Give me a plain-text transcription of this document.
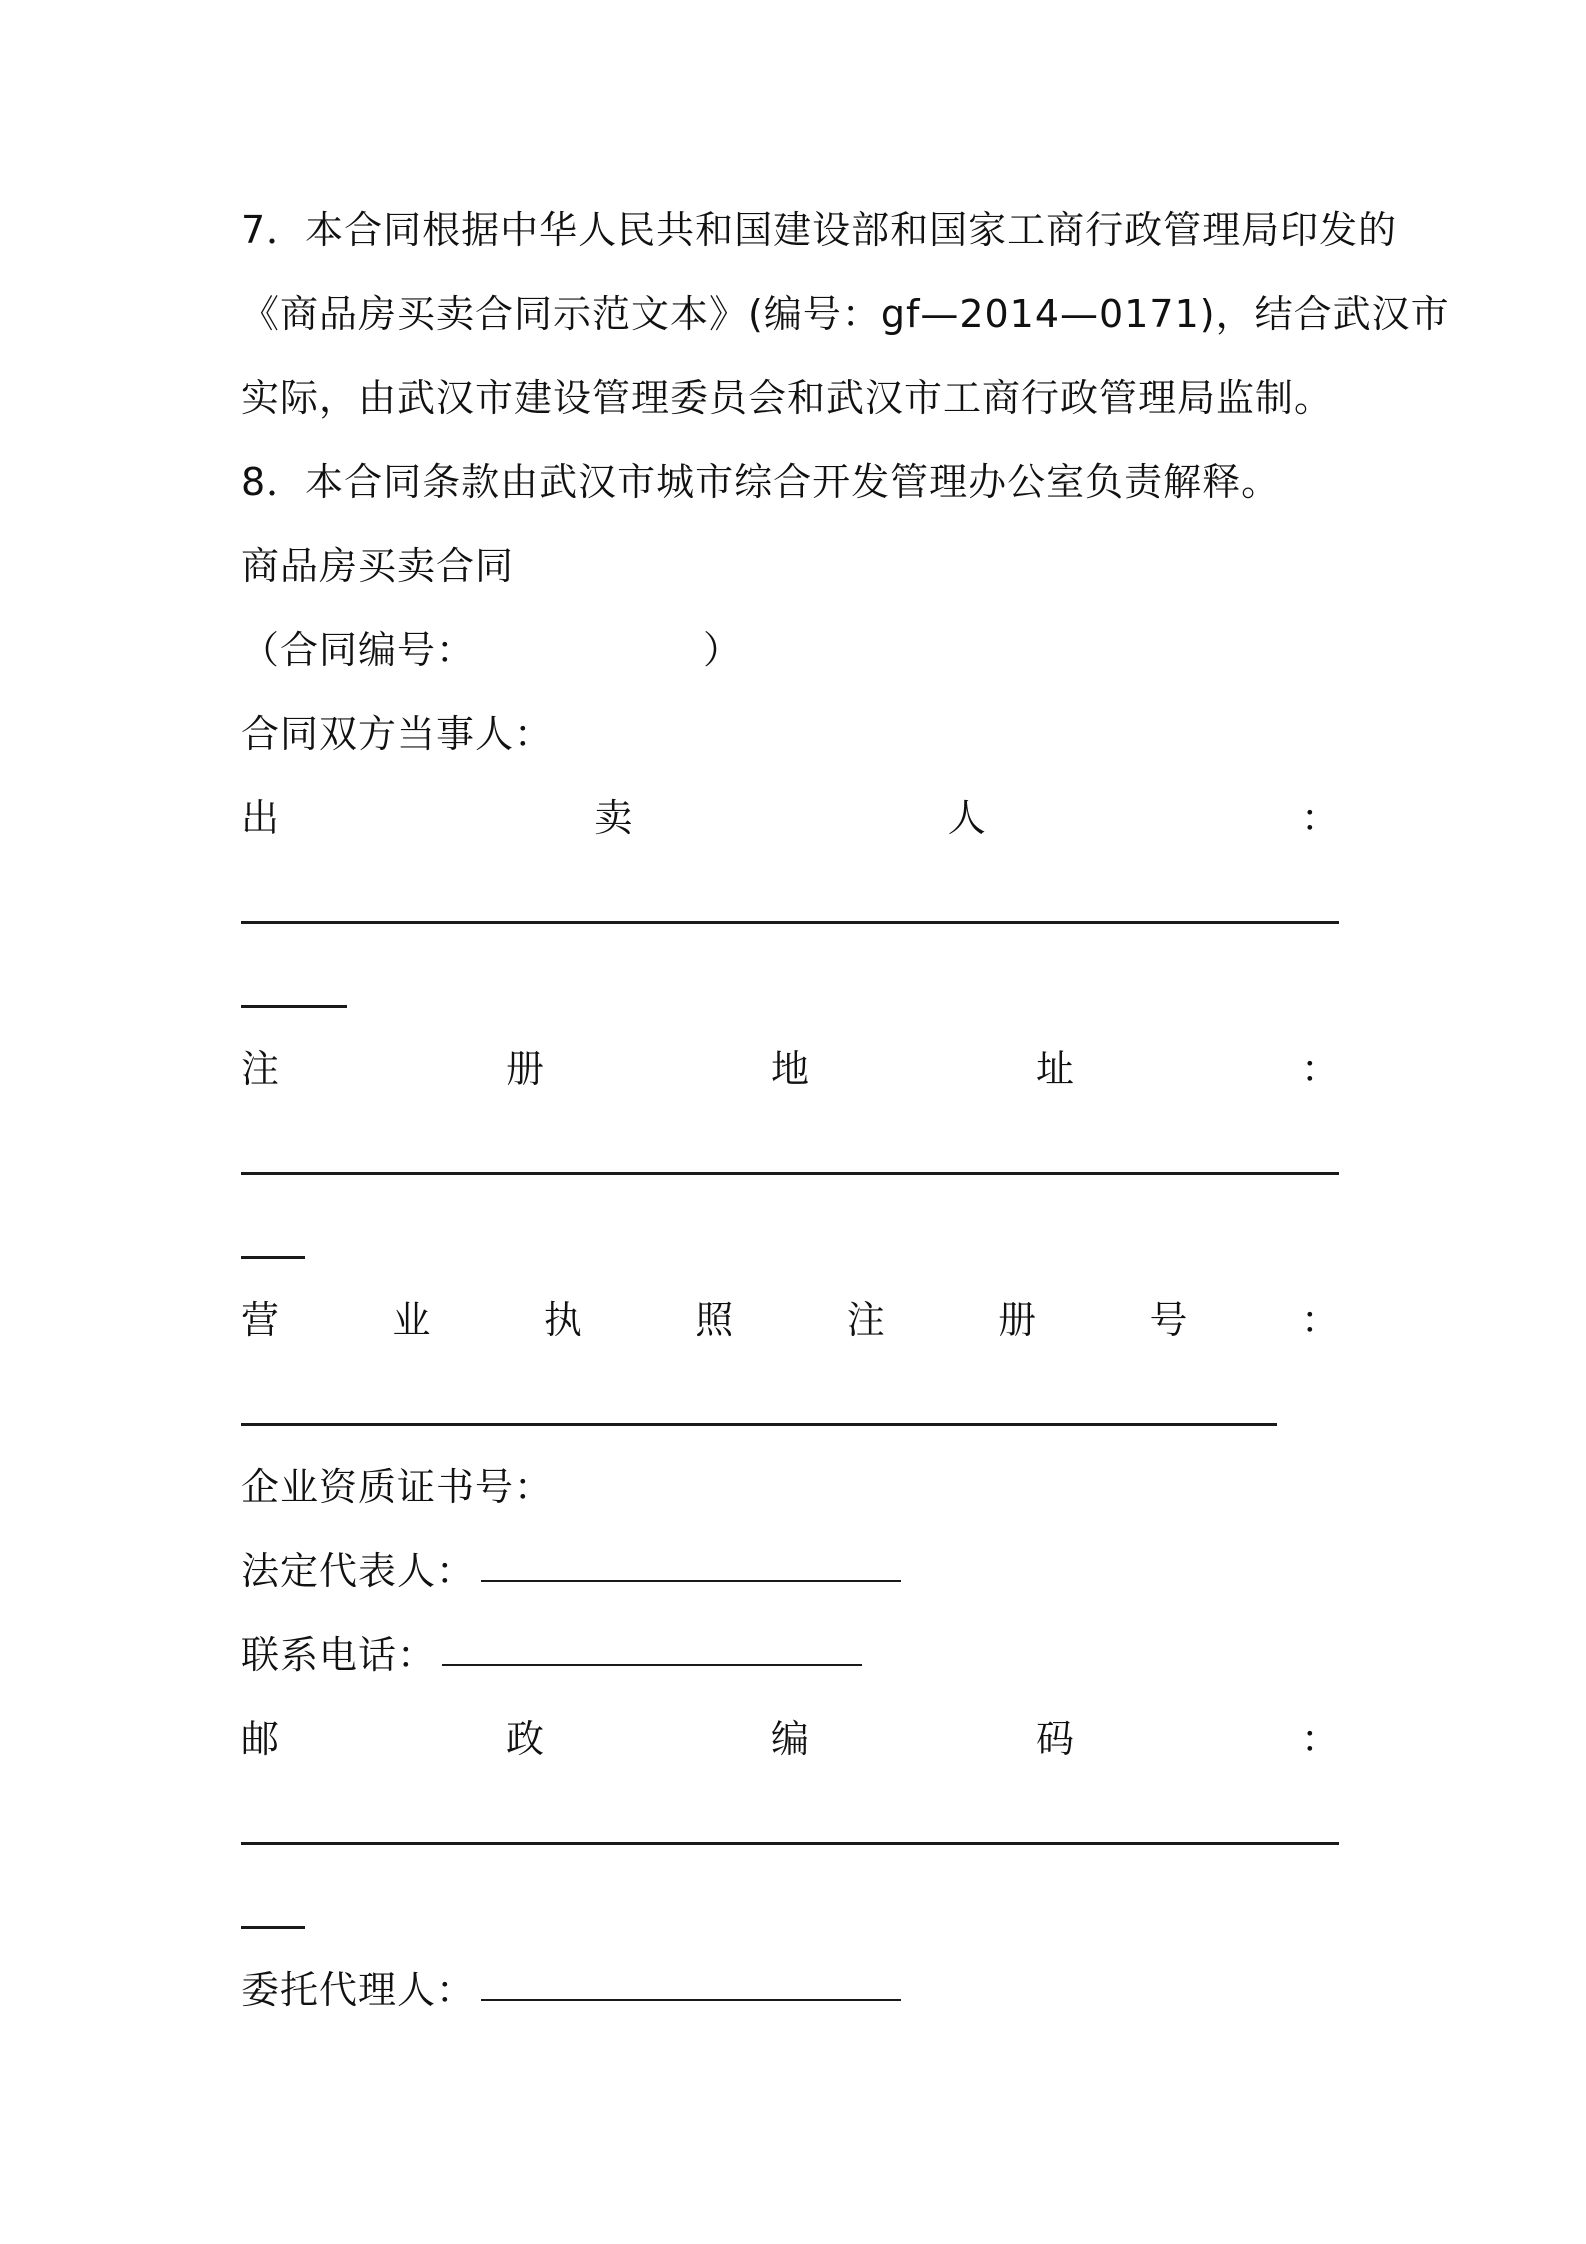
7．本合同根据中华人民共和国建设部和国家工商行政管理局印发的
《商品房买卖合同示范文本》(编号：gf—2014—0171)，结合武汉市
实际，由武汉市建设管理委员会和武汉市工商行政管理局监制。
8．本合同条款由武汉市城市综合开发管理办公室负责解释。
商品房买卖合同
（合同编号：	）
合同双方当事人：
出	卖	人	：
注	册	地	址	：
营	业	执	照	注	册	号	：
企业资质证书号：
法定代表人：
联系电话：
邮	政	编	码	：
委托代理人：
